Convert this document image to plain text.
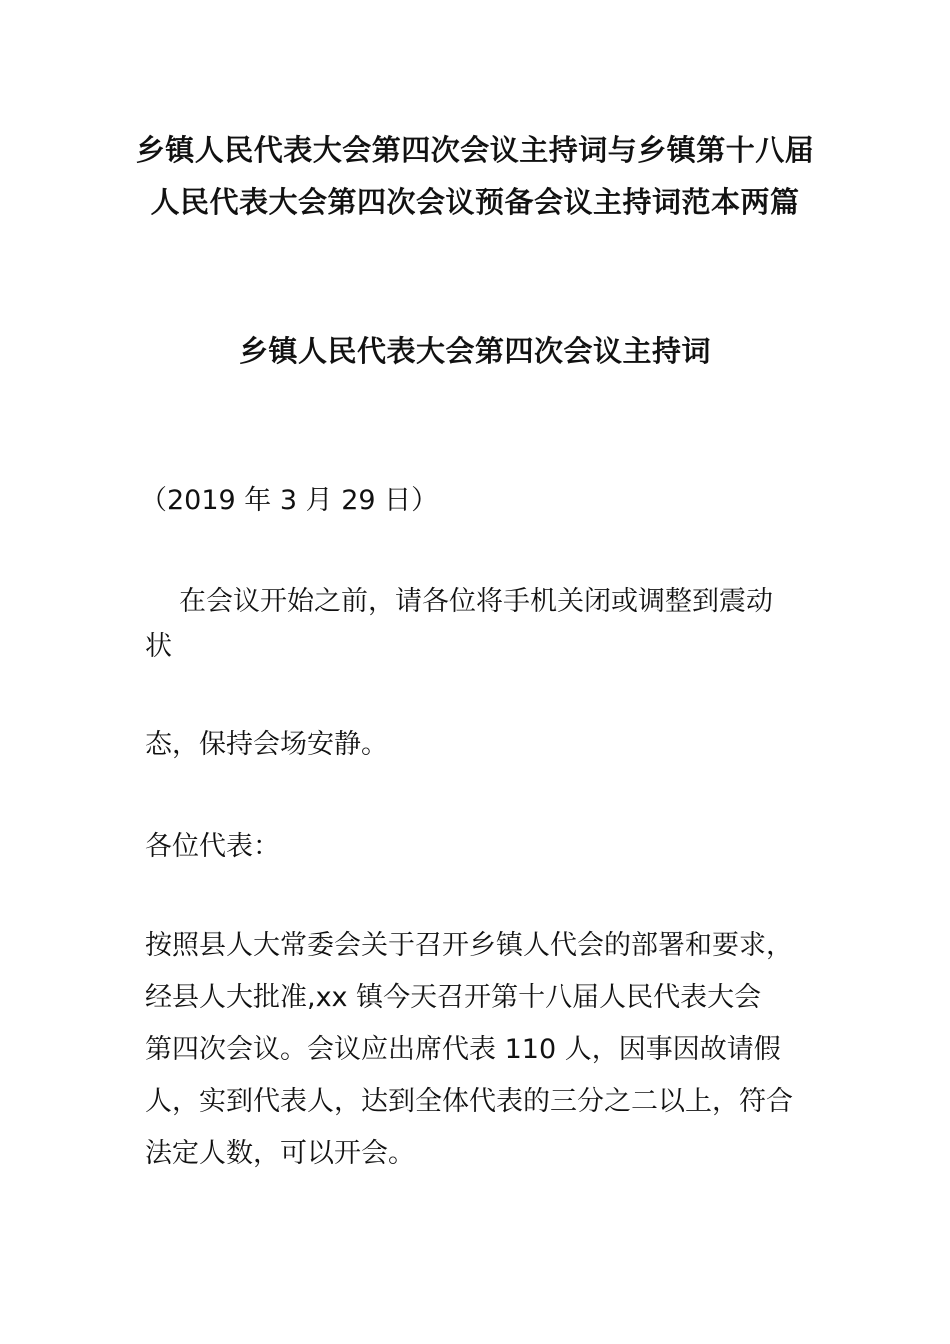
乡镇人民代表大会第四次会议主持词与乡镇第十八届
人民代表大会第四次会议预备会议主持词范本两篇
乡镇人民代表大会第四次会议主持词

（2019 年 3 月 29 日）

在会议开始之前，请各位将手机关闭或调整到震动

状

态，保持会场安静。

各位代表：

按照县人大常委会关于召开乡镇人代会的部署和要求，
经县人大批准,xx 镇今天召开第十八届人民代表大会
第四次会议。会议应出席代表 110 人，因事因故请假
人，实到代表人，达到全体代表的三分之二以上，符合
法定人数，可以开会。
